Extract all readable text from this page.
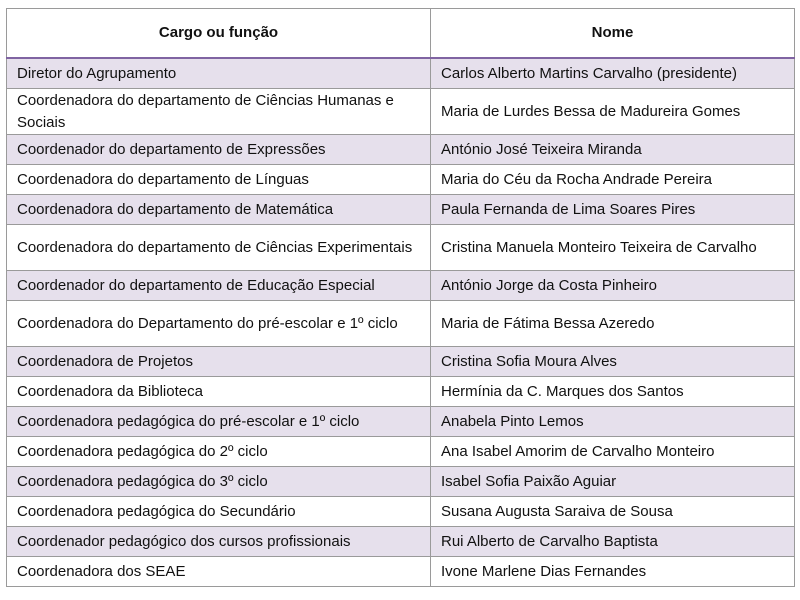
Cargo ou função	Nome
Diretor do Agrupamento	Carlos Alberto Martins Carvalho (presidente)
Coordenadora do departamento de Ciências Humanas e Sociais	Maria de Lurdes Bessa de Madureira Gomes
Coordenador do departamento de Expressões	António José Teixeira Miranda
Coordenadora do departamento de Línguas	Maria do Céu da Rocha Andrade Pereira
Coordenadora do departamento de Matemática	Paula Fernanda de Lima Soares Pires
Coordenadora do departamento de Ciências Experimentais	Cristina Manuela Monteiro Teixeira de Carvalho
Coordenador do departamento de Educação Especial	António Jorge da Costa Pinheiro
Coordenadora do Departamento do pré-escolar e 1º ciclo	Maria de Fátima Bessa Azeredo
Coordenadora de Projetos	Cristina Sofia Moura Alves
Coordenadora da Biblioteca	Hermínia da C. Marques dos Santos
Coordenadora pedagógica do pré-escolar e 1º ciclo	Anabela Pinto Lemos
Coordenadora pedagógica do 2º ciclo	Ana Isabel Amorim de Carvalho Monteiro
Coordenadora pedagógica do 3º ciclo	Isabel Sofia Paixão Aguiar
Coordenadora pedagógica do Secundário	Susana Augusta Saraiva de Sousa
Coordenador pedagógico dos cursos profissionais	Rui Alberto de Carvalho Baptista
Coordenadora dos SEAE	Ivone Marlene Dias Fernandes
